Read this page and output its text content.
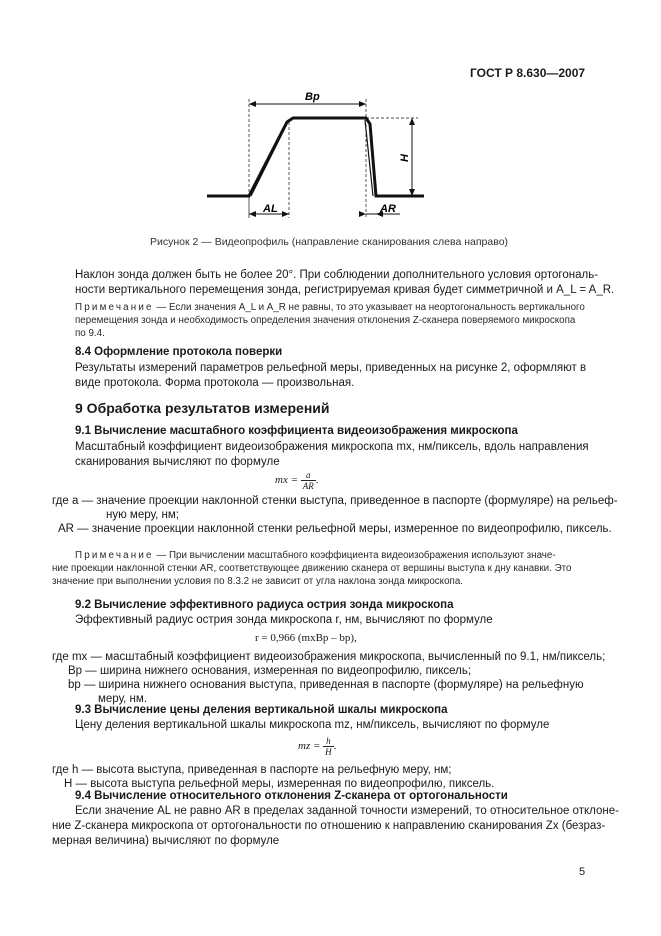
ГОСТ Р 8.630—2007
Bp
H
AL	AR
Рисунок 2 — Видеопрофиль (направление сканирования слева направо)
Наклон зонда должен быть не более 20°. При соблюдении дополнительного условия ортогональ-
ности вертикального перемещения зонда, регистрируемая кривая будет симметричной и A_L = A_R.
Примечание — Если значения A_L и A_R не равны, то это указывает на неортогональность вертикального
перемещения зонда и необходимость определения значения отклонения Z-сканера поверяемого микроскопа
по 9.4.
8.4 Оформление протокола поверки
Результаты измерений параметров рельефной меры, приведенных на рисунке 2, оформляют в
виде протокола. Форма протокола — произвольная.
9 Обработка результатов измерений
9.1 Вычисление масштабного коэффициента видеоизображения микроскопа
Масштабный коэффициент видеоизображения микроскопа mx, нм/пиксель, вдоль направления
сканирования вычисляют по формуле
mx = $\frac{a}{AR}$ .
где a — значение проекции наклонной стенки выступа, приведенное в паспорте (формуляре) на рельеф-
ную меру, нм;
AR — значение проекции наклонной стенки рельефной меры, измеренное по видеопрофилю, пиксель.
Примечание — При вычислении масштабного коэффициента видеоизображения используют значе-
ние проекции наклонной стенки AR, соответствующее движению сканера от вершины выступа к дну канавки. Это
значение при выполнении условия по 8.3.2 не зависит от угла наклона зонда микроскопа.
9.2 Вычисление эффективного радиуса острия зонда микроскопа
Эффективный радиус острия зонда микроскопа r, нм, вычисляют по формуле
r = 0,966 (mxBp – bp),
где mx — масштабный коэффициент видеоизображения микроскопа, вычисленный по 9.1, нм/пиксель;
Bp — ширина нижнего основания, измеренная по видеопрофилю, пиксель;
bp — ширина нижнего основания выступа, приведенная в паспорте (формуляре) на рельефную
меру, нм.
9.3 Вычисление цены деления вертикальной шкалы микроскопа
Цену деления вертикальной шкалы микроскопа mz, нм/пиксель, вычисляют по формуле
mz = $\frac{h}{H}$ .
где h — высота выступа, приведенная в паспорте на рельефную меру, нм;
H — высота выступа рельефной меры, измеренная по видеопрофилю, пиксель.
9.4 Вычисление относительного отклонения Z-сканера от ортогональности
Если значение AL не равно AR в пределах заданной точности измерений, то относительное отклоне-
ние Z-сканера микроскопа от ортогональности по отношению к направлению сканирования Zx (безраз-
мерная величина) вычисляют по формуле
5
